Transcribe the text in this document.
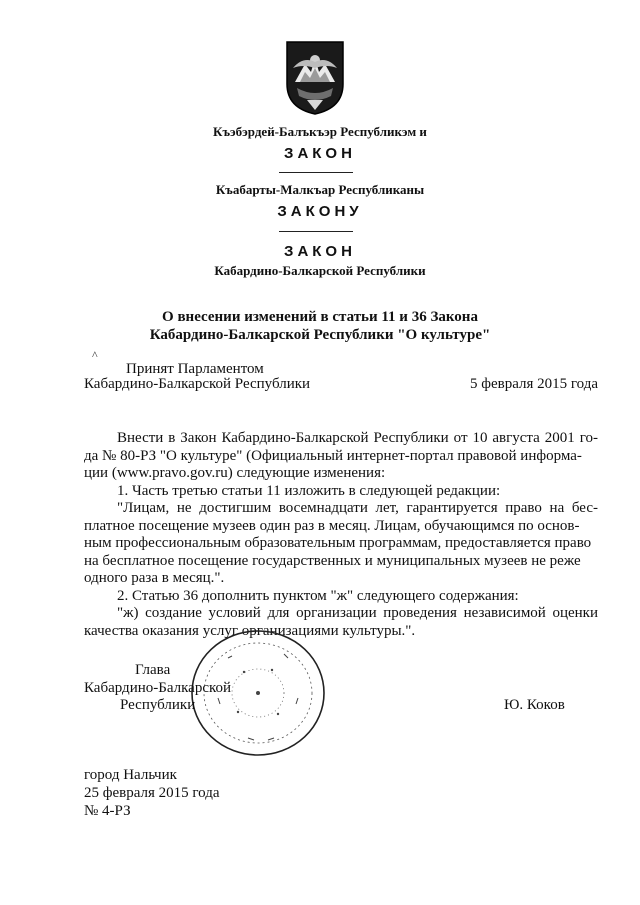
Къэбэрдей-Балъкъэр Республикэм и
ЗАКОН
Къабарты-Малкъар Республиканы
ЗАКОНУ
ЗАКОН
Кабардино-Балкарской Республики
О внесении изменений в статьи 11 и 36 Закона
Кабардино-Балкарской Республики "О культуре"
^
Принят Парламентом
Кабардино-Балкарской Республики	5 февраля 2015 года
Внести в Закон Кабардино-Балкарской Республики от 10 августа 2001 го-
да № 80-РЗ "О культуре" (Официальный интернет-портал правовой информа-
ции (www.pravo.gov.ru) следующие изменения:
1. Часть третью статьи 11 изложить в следующей редакции:
"Лицам, не достигшим восемнадцати лет, гарантируется право на бес-
платное посещение музеев один раз в месяц. Лицам, обучающимся по основ-
ным профессиональным образовательным программам, предоставляется право
на бесплатное посещение государственных и муниципальных музеев не реже
одного раза в месяц.".
2. Статью 36 дополнить пунктом "ж" следующего содержания:
"ж) создание условий для организации проведения независимой оценки
качества оказания услуг организациями культуры.".
Глава
Кабардино-Балкарской
Республики	Ю. Коков
город Нальчик
25 февраля 2015 года
№ 4-РЗ
